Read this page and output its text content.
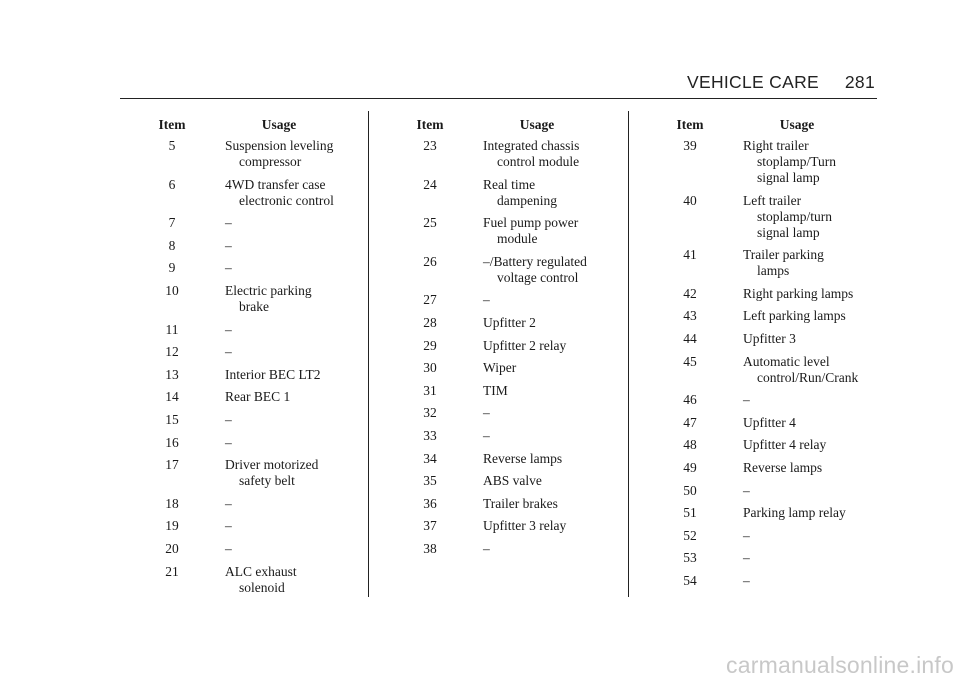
VEHICLE CARE 281
Item	Usage
5	Suspension leveling
compressor
6	4WD transfer case
electronic control
7	–
8	–
9	–
10	Electric parking
brake
11	–
12	–
13	Interior BEC LT2
14	Rear BEC 1
15	–
16	–
17	Driver motorized
safety belt
18	–
19	–
20	–
21	ALC exhaust
solenoid
Item	Usage
23	Integrated chassis
control module
24	Real time
dampening
25	Fuel pump power
module
26	–/Battery regulated
voltage control
27	–
28	Upfitter 2
29	Upfitter 2 relay
30	Wiper
31	TIM
32	–
33	–
34	Reverse lamps
35	ABS valve
36	Trailer brakes
37	Upfitter 3 relay
38	–
Item	Usage
39	Right trailer
stoplamp/Turn
signal lamp
40	Left trailer
stoplamp/turn
signal lamp
41	Trailer parking
lamps
42	Right parking lamps
43	Left parking lamps
44	Upfitter 3
45	Automatic level
control/Run/Crank
46	–
47	Upfitter 4
48	Upfitter 4 relay
49	Reverse lamps
50	–
51	Parking lamp relay
52	–
53	–
54	–
carmanualsonline.info
